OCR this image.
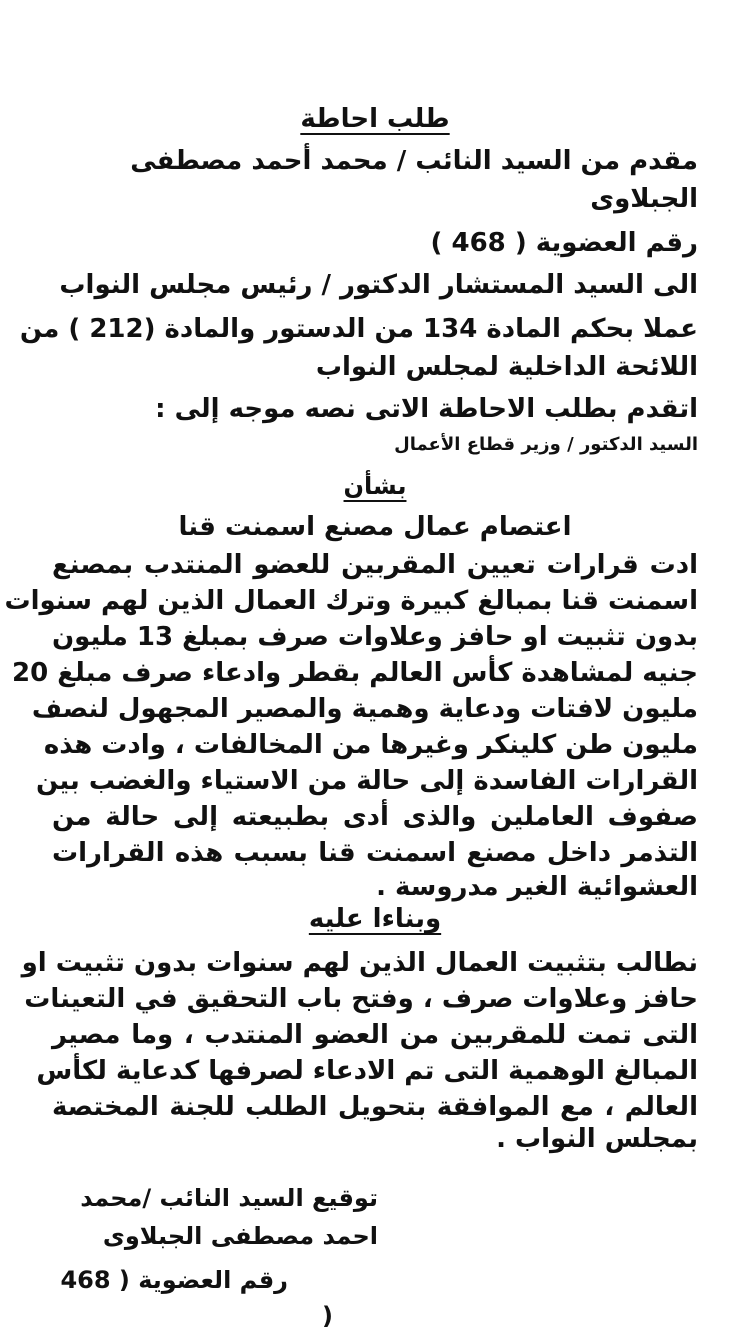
طلب احاطة
مقدم من السيد النائب / محمد أحمد مصطفى
الجبلاوى
رقم العضوية ( 468 )
الى السيد المستشار الدكتور / رئيس مجلس النواب
عملا بحكم المادة 134 من الدستور والمادة (212 ) من
اللائحة الداخلية لمجلس النواب
اتقدم بطلب الاحاطة الاتى نصه موجه إلى :
السيد الدكتور / وزير قطاع الأعمال
بشأن
اعتصام عمال مصنع اسمنت قنا
ادت قرارات تعيين المقربين للعضو المنتدب بمصنع
اسمنت قنا بمبالغ كبيرة وترك العمال الذين لهم سنوات
بدون تثبيت او حافز وعلاوات صرف بمبلغ 13 مليون
جنيه لمشاهدة كأس العالم بقطر وادعاء صرف مبلغ 20
مليون لافتات ودعاية وهمية والمصير المجهول لنصف
مليون طن كلينكر وغيرها من المخالفات ، وادت هذه
القرارات الفاسدة إلى حالة من الاستياء والغضب بين
صفوف العاملين والذى أدى بطبيعته إلى حالة من
التذمر داخل مصنع اسمنت قنا بسبب هذه القرارات
العشوائية الغير مدروسة .
وبناءا عليه
نطالب بتثبيت العمال الذين لهم سنوات بدون تثبيت او
حافز وعلاوات صرف ، وفتح باب التحقيق في التعينات
التى تمت للمقربين من العضو المنتدب ، وما مصير
المبالغ الوهمية التى تم الادعاء لصرفها كدعاية لكأس
العالم ، مع الموافقة بتحويل الطلب للجنة المختصة
بمجلس النواب .
توقيع السيد النائب /محمد
احمد مصطفى الجبلاوى
رقم العضوية ( 468
)
